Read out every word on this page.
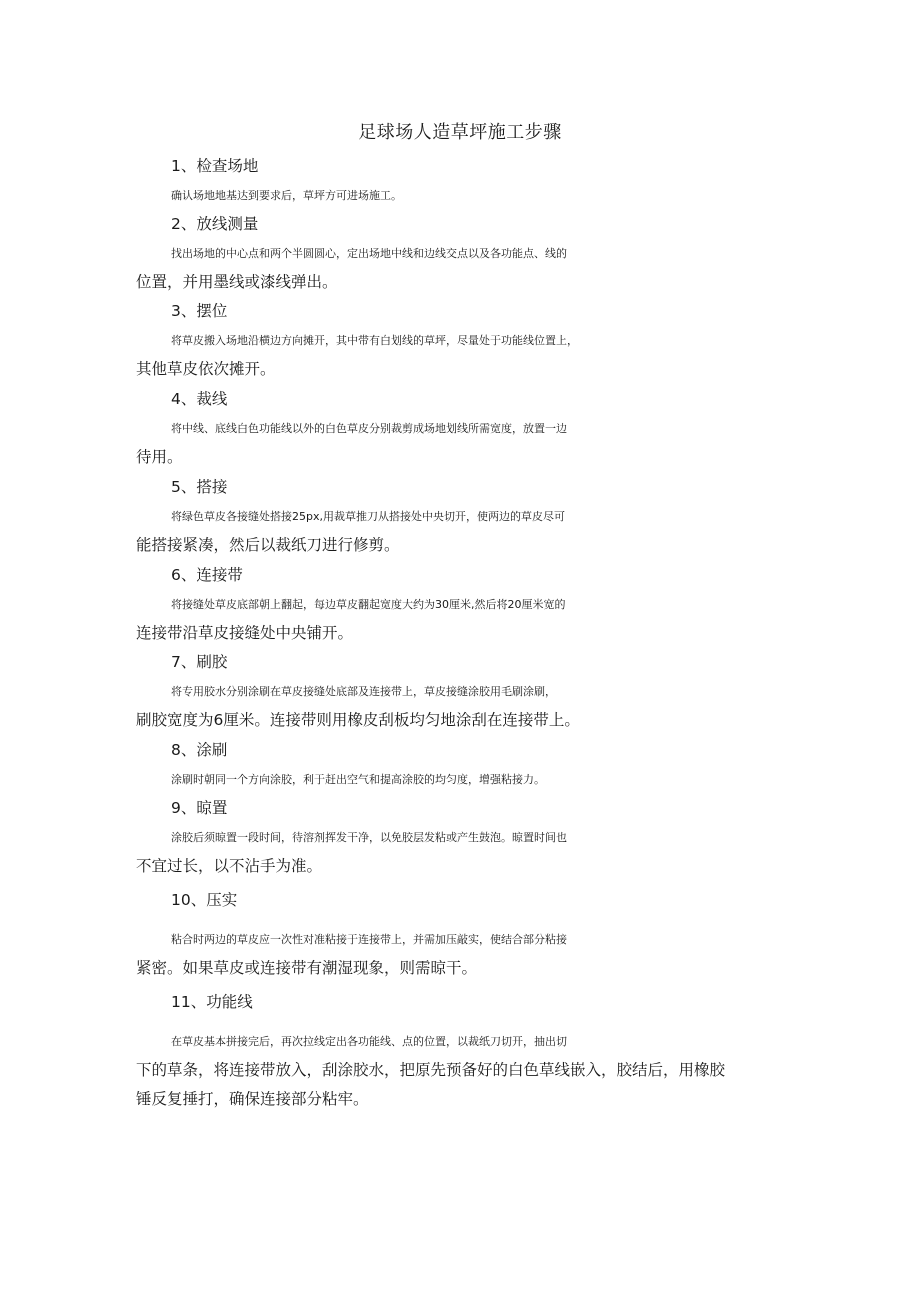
足球场人造草坪施工步骤
1、检查场地
确认场地地基达到要求后，草坪方可进场施工。
2、放线测量
找出场地的中心点和两个半圆圆心，定出场地中线和边线交点以及各功能点、线的
位置，并用墨线或漆线弹出。
3、摆位
将草皮搬入场地沿横边方向摊开，其中带有白划线的草坪，尽量处于功能线位置上，
其他草皮依次摊开。
4、裁线
将中线、底线白色功能线以外的白色草皮分别裁剪成场地划线所需宽度，放置一边
待用。
5、搭接
将绿色草皮各接缝处搭接25px,用裁草推刀从搭接处中央切开，使两边的草皮尽可
能搭接紧凑，然后以裁纸刀进行修剪。
6、连接带
将接缝处草皮底部朝上翻起，每边草皮翻起宽度大约为30厘米,然后将20厘米宽的
连接带沿草皮接缝处中央铺开。
7、刷胶
将专用胶水分别涂刷在草皮接缝处底部及连接带上，草皮接缝涂胶用毛刷涂刷，
刷胶宽度为6厘米。连接带则用橡皮刮板均匀地涂刮在连接带上。
8、涂刷
涂刷时朝同一个方向涂胶，利于赶出空气和提高涂胶的均匀度，增强粘接力。
9、晾置
涂胶后须晾置一段时间，待溶剂挥发干净，以免胶层发粘或产生鼓泡。晾置时间也
不宜过长，以不沾手为准。
10、压实
粘合时两边的草皮应一次性对准粘接于连接带上，并需加压敲实，使结合部分粘接
紧密。如果草皮或连接带有潮湿现象，则需晾干。
11、功能线
在草皮基本拼接完后，再次拉线定出各功能线、点的位置，以裁纸刀切开，抽出切
下的草条，将连接带放入，刮涂胶水，把原先预备好的白色草线嵌入，胶结后，用橡胶
锤反复捶打，确保连接部分粘牢。
